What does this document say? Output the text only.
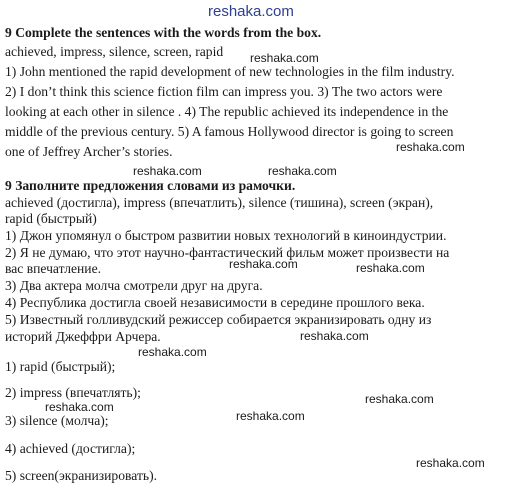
reshaka.com
reshaka.com
reshaka.com
reshaka.com	reshaka.com
reshaka.com	reshaka.com
reshaka.com
reshaka.com
reshaka.com
reshaka.com
reshaka.com
reshaka.com
9 Complete the sentences with the words from the box.
achieved, impress, silence, screen, rapid
1) John mentioned the rapid development of new technologies in the film industry.
2) I don’t think this science fiction film can impress you. 3) The two actors were
looking at each other in silence . 4) The republic achieved its independence in the
middle of the previous century. 5) A famous Hollywood director is going to screen
one of Jeffrey Archer’s stories.
9 Заполните предложения словами из рамочки.
achieved (достигла), impress (впечатлить), silence (тишина), screen (экран),
rapid (быстрый)
1) Джон упомянул о быстром развитии новых технологий в киноиндустрии.
2) Я не думаю, что этот научно-фантастический фильм может произвести на
вас впечатление.
3) Два актера молча смотрели друг на друга.
4) Республика достигла своей независимости в середине прошлого века.
5) Известный голливудский режиссер собирается экранизировать одну из
историй Джеффри Арчера.
1) rapid (быстрый);
2) impress (впечатлять);
3) silence (молча);
4) achieved (достигла);
5) screen(экранизировать).
